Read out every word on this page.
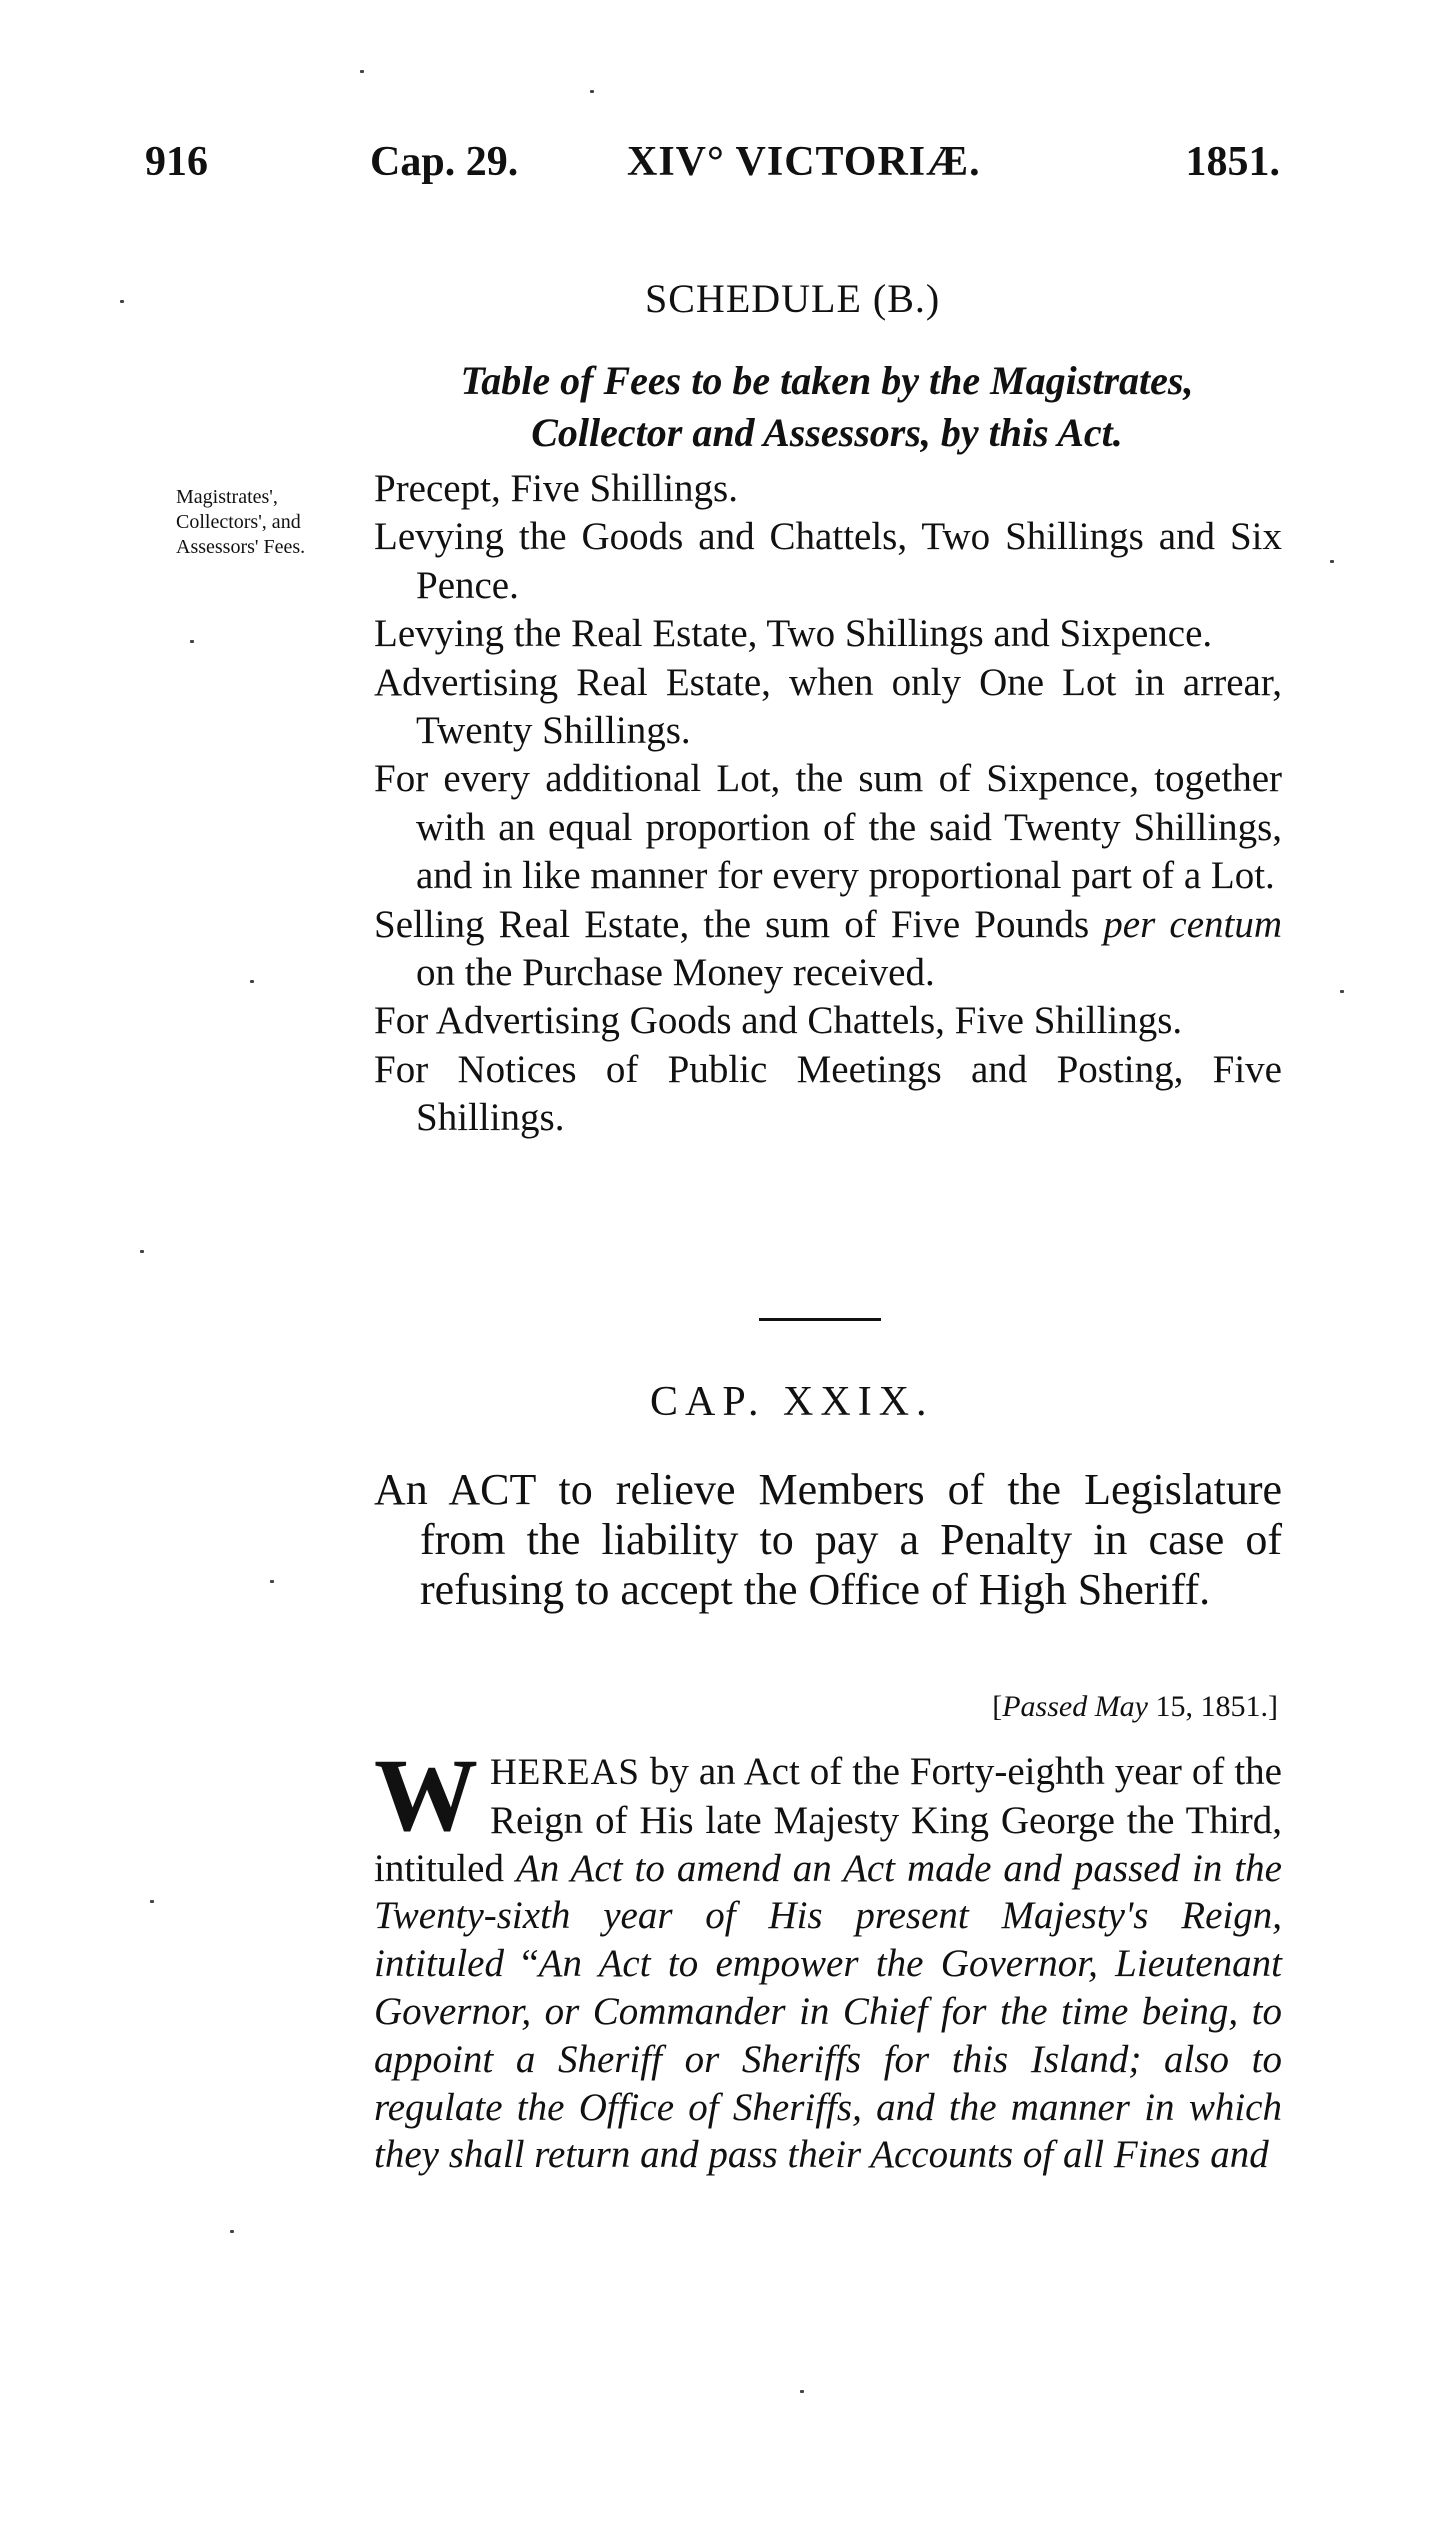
916	Cap. 29.	XIV° VICTORIÆ.	1851.
SCHEDULE (B.)
Table of Fees to be taken by the Magistrates,
Collector and Assessors, by this Act.
Magistrates',
Collectors', and
Assessors' Fees.
Precept, Five Shillings.
Levying the Goods and Chattels, Two Shillings and Six Pence.
Levying the Real Estate, Two Shillings and Sixpence.
Advertising Real Estate, when only One Lot in arrear, Twenty Shillings.
For every additional Lot, the sum of Sixpence, together with an equal proportion of the said Twenty Shillings, and in like manner for every proportional part of a Lot.
Selling Real Estate, the sum of Five Pounds per centum on the Purchase Money received.
For Advertising Goods and Chattels, Five Shillings.
For Notices of Public Meetings and Posting, Five Shillings.
CAP. XXIX.
An ACT to relieve Members of the Legislature from the liability to pay a Penalty in case of refusing to accept the Office of High Sheriff.
[Passed May 15, 1851.]
WHEREAS by an Act of the Forty-eighth year of the Reign of His late Majesty King George the Third, intituled An Act to amend an Act made and passed in the Twenty-sixth year of His present Majesty's Reign, intituled “An Act to empower the Governor, Lieutenant Governor, or Commander in Chief for the time being, to appoint a Sheriff or Sheriffs for this Island; also to regulate the Office of Sheriffs, and the manner in which they shall return and pass their Accounts of all Fines and
